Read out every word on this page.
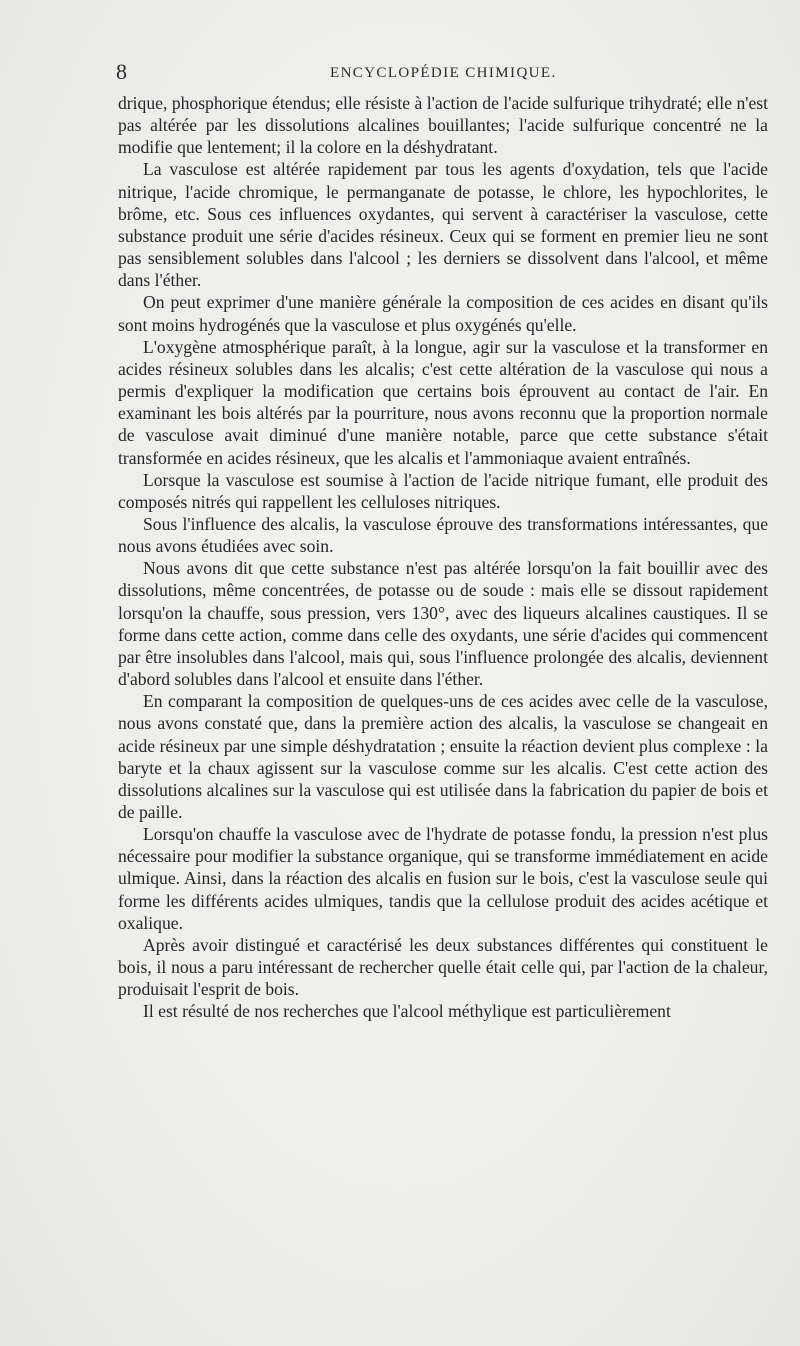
8	ENCYCLOPÉDIE CHIMIQUE.

drique, phosphorique étendus; elle résiste à l'action de l'acide sulfurique trihydraté; elle n'est pas altérée par les dissolutions alcalines bouillantes; l'acide sulfurique concentré ne la modifie que lentement; il la colore en la déshydratant.

La vasculose est altérée rapidement par tous les agents d'oxydation, tels que l'acide nitrique, l'acide chromique, le permanganate de potasse, le chlore, les hypochlorites, le brôme, etc. Sous ces influences oxydantes, qui servent à caractériser la vasculose, cette substance produit une série d'acides résineux. Ceux qui se forment en premier lieu ne sont pas sensiblement solubles dans l'alcool ; les derniers se dissolvent dans l'alcool, et même dans l'éther.

On peut exprimer d'une manière générale la composition de ces acides en disant qu'ils sont moins hydrogénés que la vasculose et plus oxygénés qu'elle.

L'oxygène atmosphérique paraît, à la longue, agir sur la vasculose et la transformer en acides résineux solubles dans les alcalis; c'est cette altération de la vasculose qui nous a permis d'expliquer la modification que certains bois éprouvent au contact de l'air. En examinant les bois altérés par la pourriture, nous avons reconnu que la proportion normale de vasculose avait diminué d'une manière notable, parce que cette substance s'était transformée en acides résineux, que les alcalis et l'ammoniaque avaient entraînés.

Lorsque la vasculose est soumise à l'action de l'acide nitrique fumant, elle produit des composés nitrés qui rappellent les celluloses nitriques.

Sous l'influence des alcalis, la vasculose éprouve des transformations intéressantes, que nous avons étudiées avec soin.

Nous avons dit que cette substance n'est pas altérée lorsqu'on la fait bouillir avec des dissolutions, même concentrées, de potasse ou de soude : mais elle se dissout rapidement lorsqu'on la chauffe, sous pression, vers 130°, avec des liqueurs alcalines caustiques. Il se forme dans cette action, comme dans celle des oxydants, une série d'acides qui commencent par être insolubles dans l'alcool, mais qui, sous l'influence prolongée des alcalis, deviennent d'abord solubles dans l'alcool et ensuite dans l'éther.

En comparant la composition de quelques-uns de ces acides avec celle de la vasculose, nous avons constaté que, dans la première action des alcalis, la vasculose se changeait en acide résineux par une simple déshydratation ; ensuite la réaction devient plus complexe : la baryte et la chaux agissent sur la vasculose comme sur les alcalis. C'est cette action des dissolutions alcalines sur la vasculose qui est utilisée dans la fabrication du papier de bois et de paille.

Lorsqu'on chauffe la vasculose avec de l'hydrate de potasse fondu, la pression n'est plus nécessaire pour modifier la substance organique, qui se transforme immédiatement en acide ulmique. Ainsi, dans la réaction des alcalis en fusion sur le bois, c'est la vasculose seule qui forme les différents acides ulmiques, tandis que la cellulose produit des acides acétique et oxalique.

Après avoir distingué et caractérisé les deux substances différentes qui constituent le bois, il nous a paru intéressant de rechercher quelle était celle qui, par l'action de la chaleur, produisait l'esprit de bois.

Il est résulté de nos recherches que l'alcool méthylique est particulièrement
